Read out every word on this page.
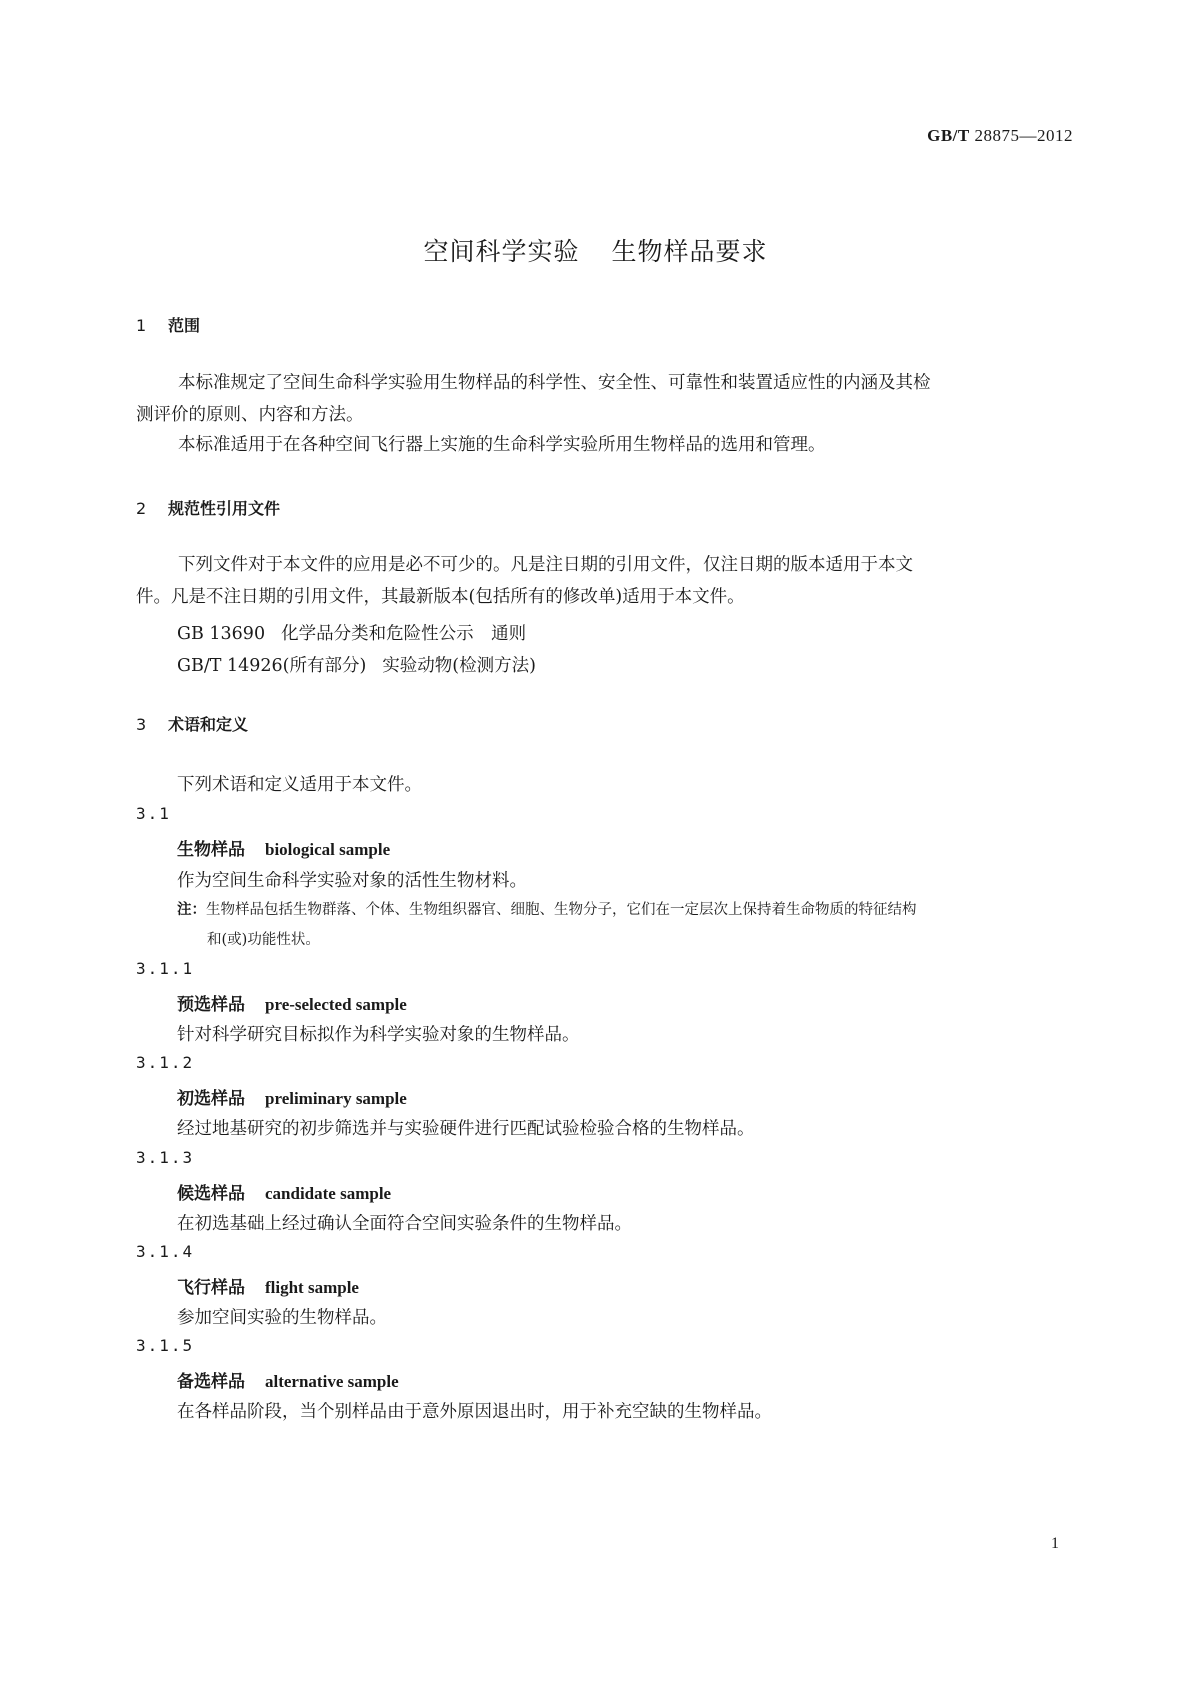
GB/T 28875—2012
空间科学实验 生物样品要求
1 范围
本标准规定了空间生命科学实验用生物样品的科学性、安全性、可靠性和装置适应性的内涵及其检
测评价的原则、内容和方法。
本标准适用于在各种空间飞行器上实施的生命科学实验所用生物样品的选用和管理。
2 规范性引用文件
下列文件对于本文件的应用是必不可少的。凡是注日期的引用文件，仅注日期的版本适用于本文
件。凡是不注日期的引用文件，其最新版本(包括所有的修改单)适用于本文件。
GB 13690 化学品分类和危险性公示　通则
GB/T 14926(所有部分) 实验动物(检测方法)
3 术语和定义
下列术语和定义适用于本文件。
3.1
生物样品 biological sample
作为空间生命科学实验对象的活性生物材料。
注：生物样品包括生物群落、个体、生物组织器官、细胞、生物分子，它们在一定层次上保持着生命物质的特征结构
和(或)功能性状。
3.1.1
预选样品 pre-selected sample
针对科学研究目标拟作为科学实验对象的生物样品。
3.1.2
初选样品 preliminary sample
经过地基研究的初步筛选并与实验硬件进行匹配试验检验合格的生物样品。
3.1.3
候选样品 candidate sample
在初选基础上经过确认全面符合空间实验条件的生物样品。
3.1.4
飞行样品 flight sample
参加空间实验的生物样品。
3.1.5
备选样品 alternative sample
在各样品阶段，当个别样品由于意外原因退出时，用于补充空缺的生物样品。
1
